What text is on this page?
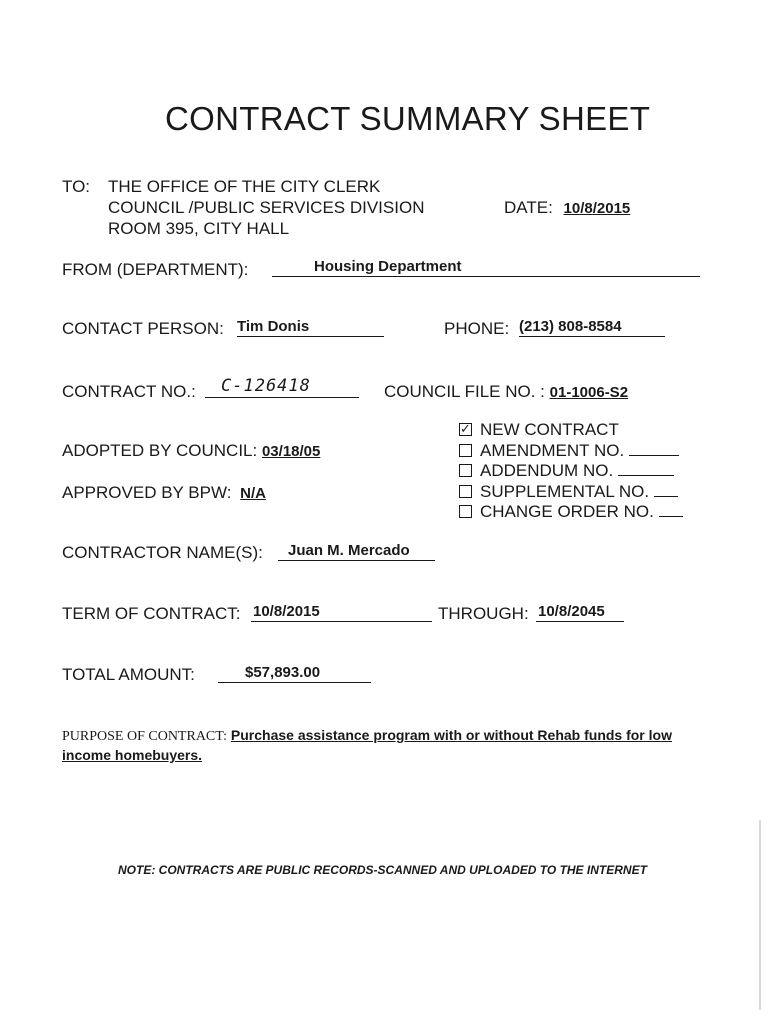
CONTRACT SUMMARY SHEET
TO: THE OFFICE OF THE CITY CLERK
COUNCIL /PUBLIC SERVICES DIVISION
ROOM 395, CITY HALL
DATE: 10/8/2015
FROM (DEPARTMENT):	Housing Department
CONTACT PERSON: Tim Donis	PHONE: (213) 808-8584
CONTRACT NO.: C-126418	COUNCIL FILE NO. : 01-1006-S2
✓NEW CONTRACT
AMENDMENT NO.
ADDENDUM NO.
SUPPLEMENTAL NO.
CHANGE ORDER NO.
ADOPTED BY COUNCIL: 03/18/05
APPROVED BY BPW: N/A
CONTRACTOR NAME(S): Juan M. Mercado
TERM OF CONTRACT: 10/8/2015	THROUGH: 10/8/2045
TOTAL AMOUNT:	$57,893.00
PURPOSE OF CONTRACT: Purchase assistance program with or without Rehab funds for low
income homebuyers.
NOTE: CONTRACTS ARE PUBLIC RECORDS-SCANNED AND UPLOADED TO THE INTERNET
